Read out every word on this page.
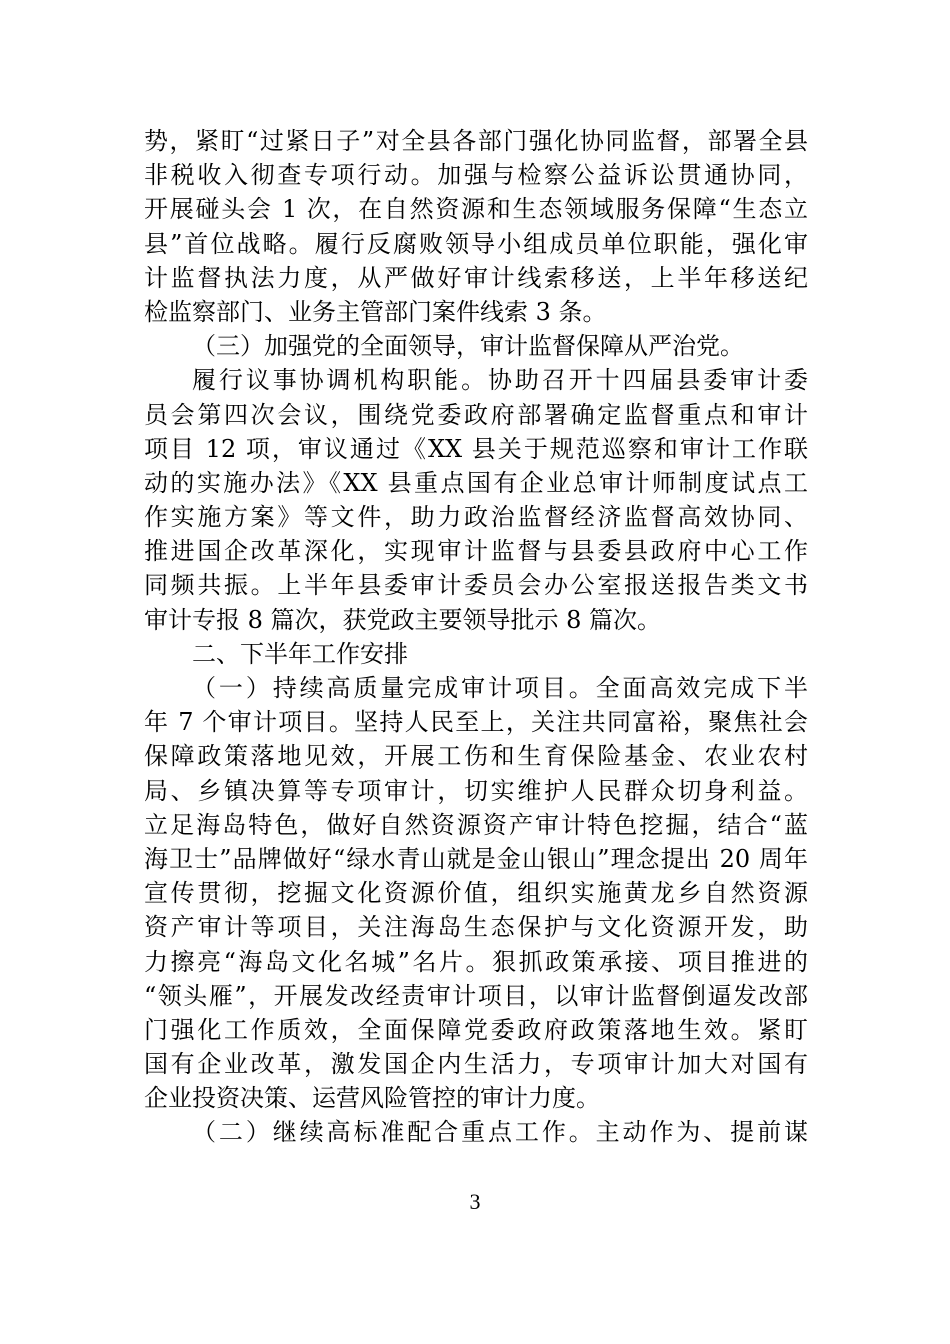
势，紧盯“过紧日子”对全县各部门强化协同监督，部署全县
非税收入彻查专项行动。加强与检察公益诉讼贯通协同，
开展碰头会 1 次，在自然资源和生态领域服务保障“生态立
县”首位战略。履行反腐败领导小组成员单位职能，强化审
计监督执法力度，从严做好审计线索移送，上半年移送纪
检监察部门、业务主管部门案件线索 3 条。
（三）加强党的全面领导，审计监督保障从严治党。
履行议事协调机构职能。协助召开十四届县委审计委
员会第四次会议，围绕党委政府部署确定监督重点和审计
项目 12 项，审议通过《XX 县关于规范巡察和审计工作联
动的实施办法》《XX 县重点国有企业总审计师制度试点工
作实施方案》等文件，助力政治监督经济监督高效协同、
推进国企改革深化，实现审计监督与县委县政府中心工作
同频共振。上半年县委审计委员会办公室报送报告类文书
审计专报 8 篇次，获党政主要领导批示 8 篇次。
二、下半年工作安排
（一）持续高质量完成审计项目。全面高效完成下半
年 7 个审计项目。坚持人民至上，关注共同富裕，聚焦社会
保障政策落地见效，开展工伤和生育保险基金、农业农村
局、乡镇决算等专项审计，切实维护人民群众切身利益。
立足海岛特色，做好自然资源资产审计特色挖掘，结合“蓝
海卫士”品牌做好“绿水青山就是金山银山”理念提出 20 周年
宣传贯彻，挖掘文化资源价值，组织实施黄龙乡自然资源
资产审计等项目，关注海岛生态保护与文化资源开发，助
力擦亮“海岛文化名城”名片。狠抓政策承接、项目推进的
“领头雁”，开展发改经责审计项目，以审计监督倒逼发改部
门强化工作质效，全面保障党委政府政策落地生效。紧盯
国有企业改革，激发国企内生活力，专项审计加大对国有
企业投资决策、运营风险管控的审计力度。
（二）继续高标准配合重点工作。主动作为、提前谋
3
